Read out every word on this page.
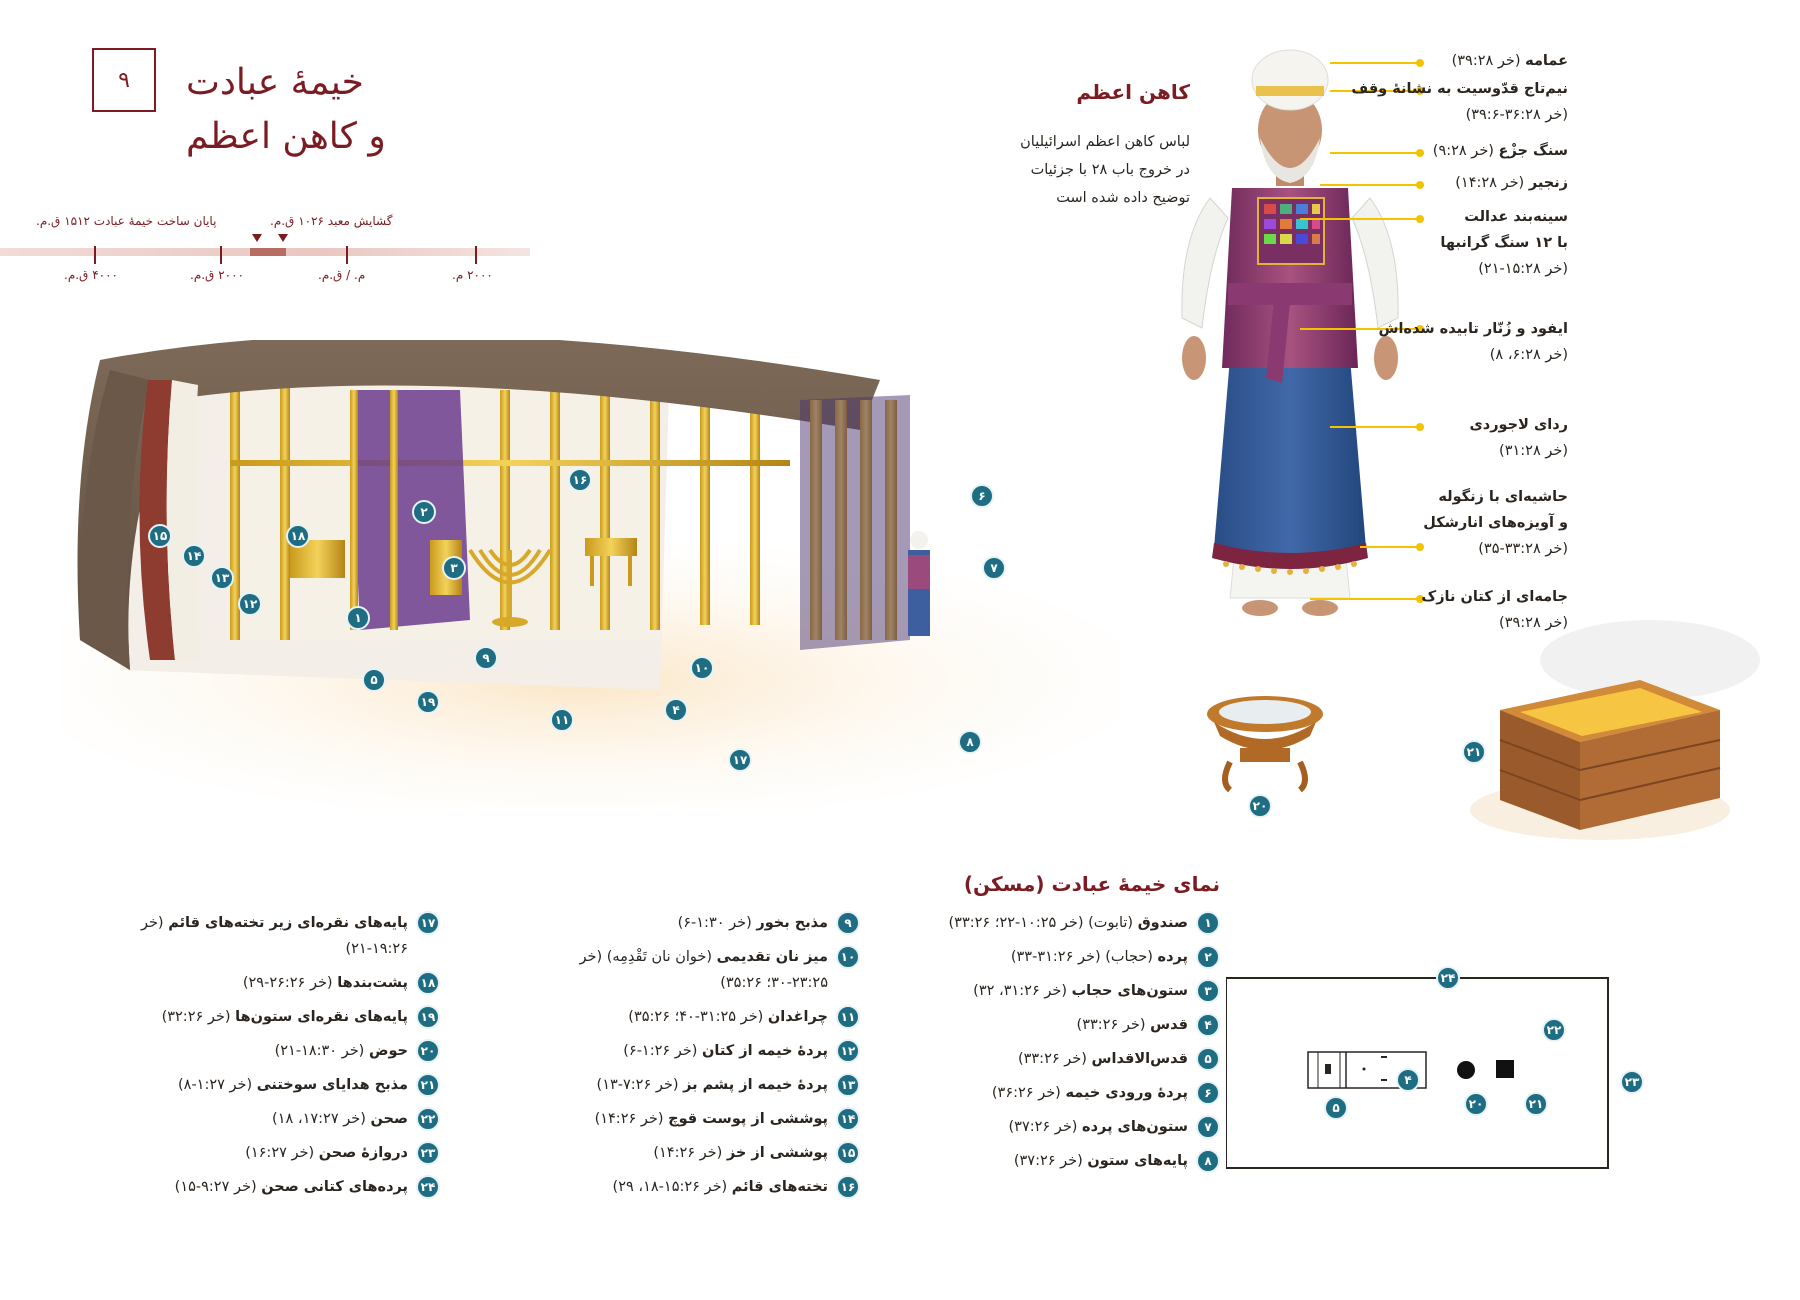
۹	خیمهٔ عبادت
و کاهن اعظم
گشایش معبد ۱۰۲۶ ق.م.
پایان ساخت خیمهٔ عبادت ۱۵۱۲ ق.م.
۲۰۰۰ م.
م. / ق.م.
۲۰۰۰ ق.م.
۴۰۰۰ ق.م.
کاهن اعظم
لباس کاهن اعظم اسرائیلیان
در خروج باب ۲۸ با جزئیات
توضیح داده شده است
عمامه (خر ۳۹:۲۸)
نیم‌تاج قدّوسیت به نشانهٔ وقف
(خر ۳۶:۲۸-۳۹:۶)
سنگ جزْع (خر ۹:۲۸)
زنجیر (خر ۱۴:۲۸)
سینه‌بند عدالت
با ۱۲ سنگ گرانبها
(خر ۱۵:۲۸-۲۱)
ایفود و زُنّار تابیده شده‌اش
(خر ۶:۲۸، ۸)
ردای لاجوردی
(خر ۳۱:۲۸)
حاشیه‌ای با زنگوله
و آویزه‌های انارشکل
(خر ۳۳:۲۸-۳۵)
جامه‌ای از کتان نازک
(خر ۳۹:۲۸)
۱
۲
۳
۴
۵
۶
۷
۸
۹
۱۰
۱۱
۱۲
۱۳
۱۴
۱۵
۱۶
۱۷
۱۸
۱۹
۲۰
۲۱
۲۴
۲۲
۲۳
۴
۵	۲۰	۲۱
نمای خیمهٔ عبادت (مسکن)
۱
صندوق (تابوت) (خر ۱۰:۲۵-۲۲؛ ۳۳:۲۶)
۲
پرده (حجاب) (خر ۳۱:۲۶-۳۳)
۳
ستون‌های حجاب (خر ۳۱:۲۶، ۳۲)
۴
قدس (خر ۳۳:۲۶)
۵
قدس‌الاقداس (خر ۳۳:۲۶)
۶
پردهٔ ورودی خیمه (خر ۳۶:۲۶)
۷
ستون‌های پرده (خر ۳۷:۲۶)
۸
پایه‌های ستون (خر ۳۷:۲۶)
۹
مذبح بخور (خر ۱:۳۰-۶)
۱۰
میز نان تقدیمی (خوان نان تَقْدِمِه) (خر ۲۳:۲۵-۳۰؛ ۳۵:۲۶)
۱۱
چراغدان (خر ۳۱:۲۵-۴۰؛ ۳۵:۲۶)
۱۲
پردهٔ خیمه از کتان (خر ۱:۲۶-۶)
۱۳
پردهٔ خیمه از پشم بز (خر ۷:۲۶-۱۳)
۱۴
پوششی از پوست قوچ (خر ۱۴:۲۶)
۱۵
پوششی از خز (خر ۱۴:۲۶)
۱۶
تخته‌های قائم (خر ۱۵:۲۶-۱۸، ۲۹)
۱۷
پایه‌های نقره‌ای زیر تخته‌های قائم (خر ۱۹:۲۶-۲۱)
۱۸
پشت‌بندها (خر ۲۶:۲۶-۲۹)
۱۹
پایه‌های نقره‌ای ستون‌ها (خر ۳۲:۲۶)
۲۰
حوض (خر ۱۸:۳۰-۲۱)
۲۱
مذبح هدایای سوختنی (خر ۱:۲۷-۸)
۲۲
صحن (خر ۱۷:۲۷، ۱۸)
۲۳
دروازهٔ صحن (خر ۱۶:۲۷)
۲۴
پرده‌های کتانی صحن (خر ۹:۲۷-۱۵)
